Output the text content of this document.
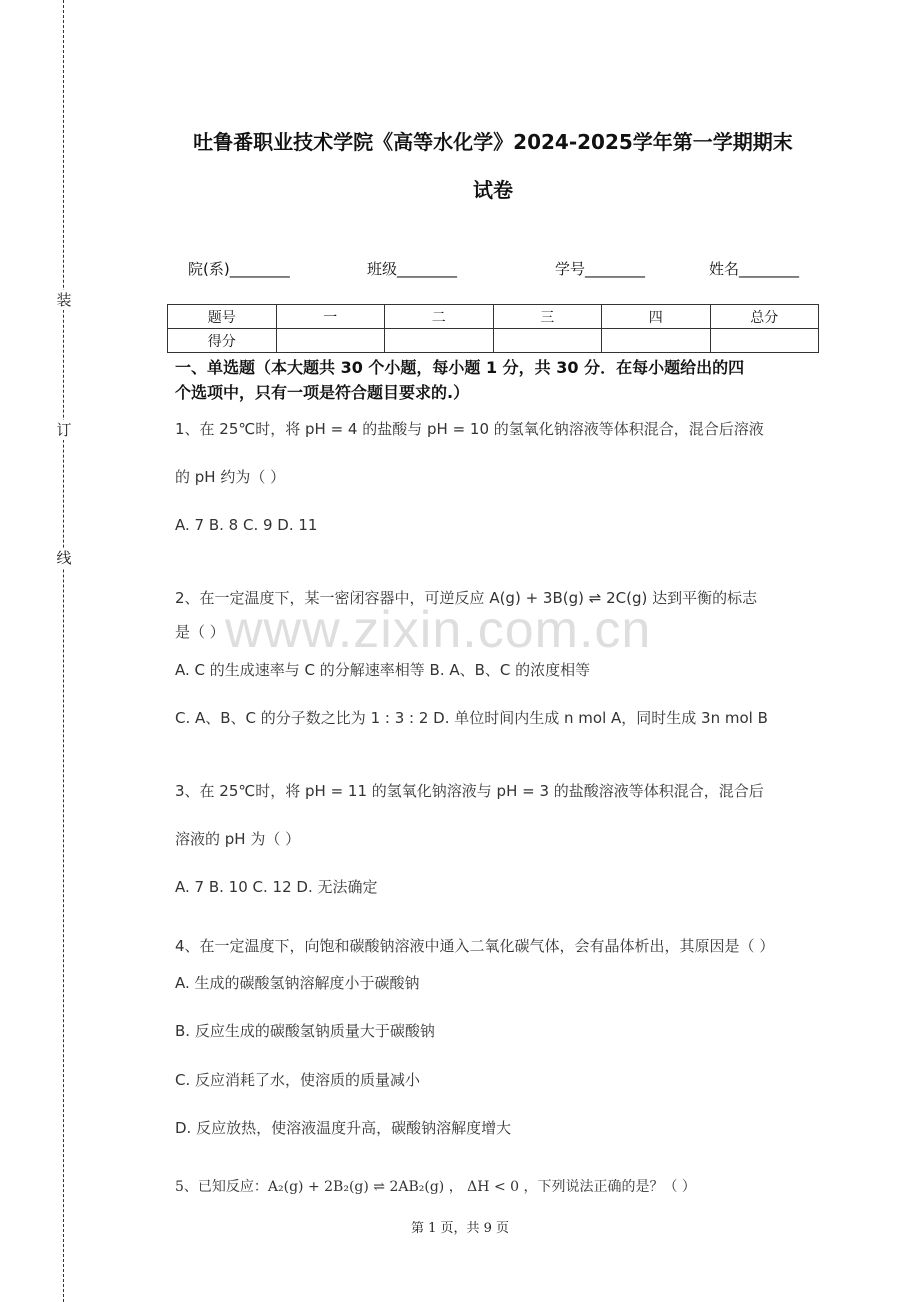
装
订
线
吐鲁番职业技术学院《高等水化学》2024-2025学年第一学期期末
试卷
院(系)________	班级________	学号________	姓名________
题号	一	二	三	四	总分
得分					
一、单选题（本大题共 30 个小题，每小题 1 分，共 30 分．在每小题给出的四
个选项中，只有一项是符合题目要求的.）
www.zixin.com.cn
1、在 25℃时，将 pH = 4 的盐酸与 pH = 10 的氢氧化钠溶液等体积混合，混合后溶液
的 pH 约为（ ）
A. 7 B. 8 C. 9 D. 11
2、在一定温度下，某一密闭容器中，可逆反应 A(g) + 3B(g) ⇌ 2C(g) 达到平衡的标志
是（ ）
A. C 的生成速率与 C 的分解速率相等 B. A、B、C 的浓度相等
C. A、B、C 的分子数之比为 1 : 3 : 2 D. 单位时间内生成 n mol A，同时生成 3n mol B
3、在 25℃时，将 pH = 11 的氢氧化钠溶液与 pH = 3 的盐酸溶液等体积混合，混合后
溶液的 pH 为（ ）
A. 7 B. 10 C. 12 D. 无法确定
4、在一定温度下，向饱和碳酸钠溶液中通入二氧化碳气体，会有晶体析出，其原因是（ ）
A. 生成的碳酸氢钠溶解度小于碳酸钠
B. 反应生成的碳酸氢钠质量大于碳酸钠
C. 反应消耗了水，使溶质的质量减小
D. 反应放热，使溶液温度升高，碳酸钠溶解度增大
5、已知反应：A₂(g) + 2B₂(g) ⇌ 2AB₂(g) ， ΔH < 0 ，下列说法正确的是？（ ）
第 1 页，共 9 页
